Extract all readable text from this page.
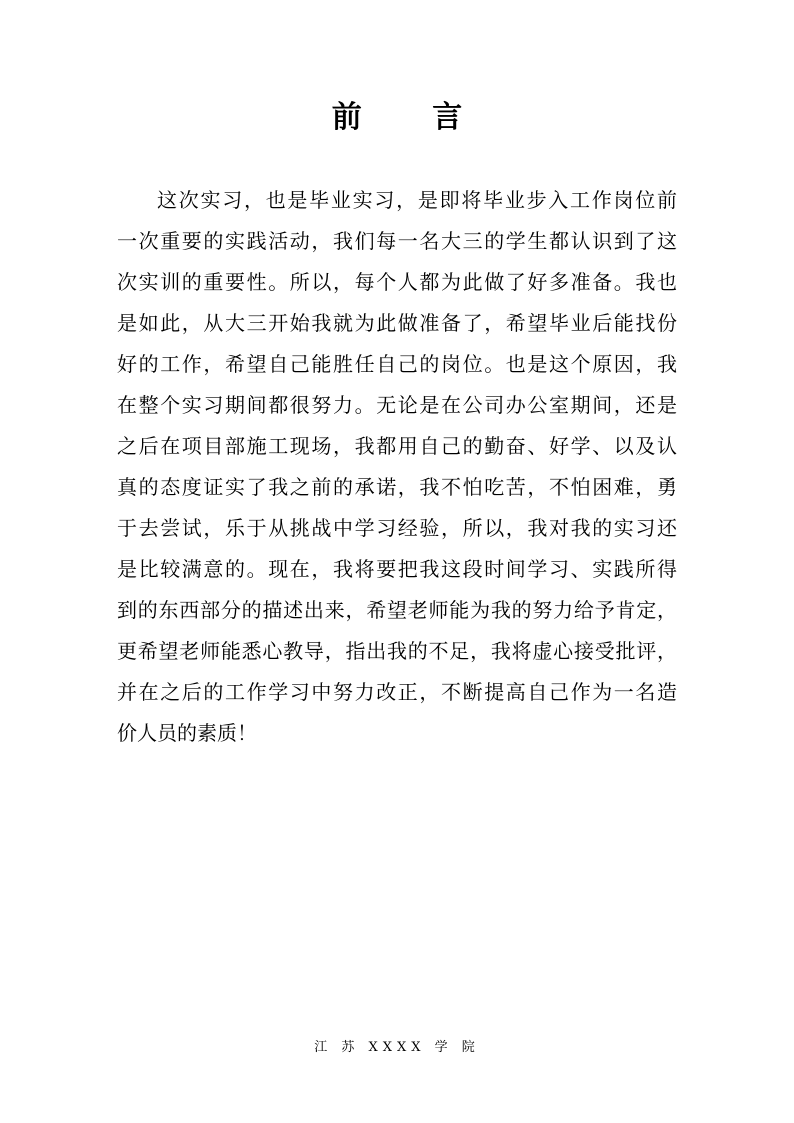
前 言
这次实习，也是毕业实习，是即将毕业步入工作岗位前
一次重要的实践活动，我们每一名大三的学生都认识到了这
次实训的重要性。所以，每个人都为此做了好多准备。我也
是如此，从大三开始我就为此做准备了，希望毕业后能找份
好的工作，希望自己能胜任自己的岗位。也是这个原因，我
在整个实习期间都很努力。无论是在公司办公室期间，还是
之后在项目部施工现场，我都用自己的勤奋、好学、以及认
真的态度证实了我之前的承诺，我不怕吃苦，不怕困难，勇
于去尝试，乐于从挑战中学习经验，所以，我对我的实习还
是比较满意的。现在，我将要把我这段时间学习、实践所得
到的东西部分的描述出来，希望老师能为我的努力给予肯定，
更希望老师能悉心教导，指出我的不足，我将虚心接受批评，
并在之后的工作学习中努力改正，不断提高自己作为一名造
价人员的素质！
江 苏 XXXX 学 院
